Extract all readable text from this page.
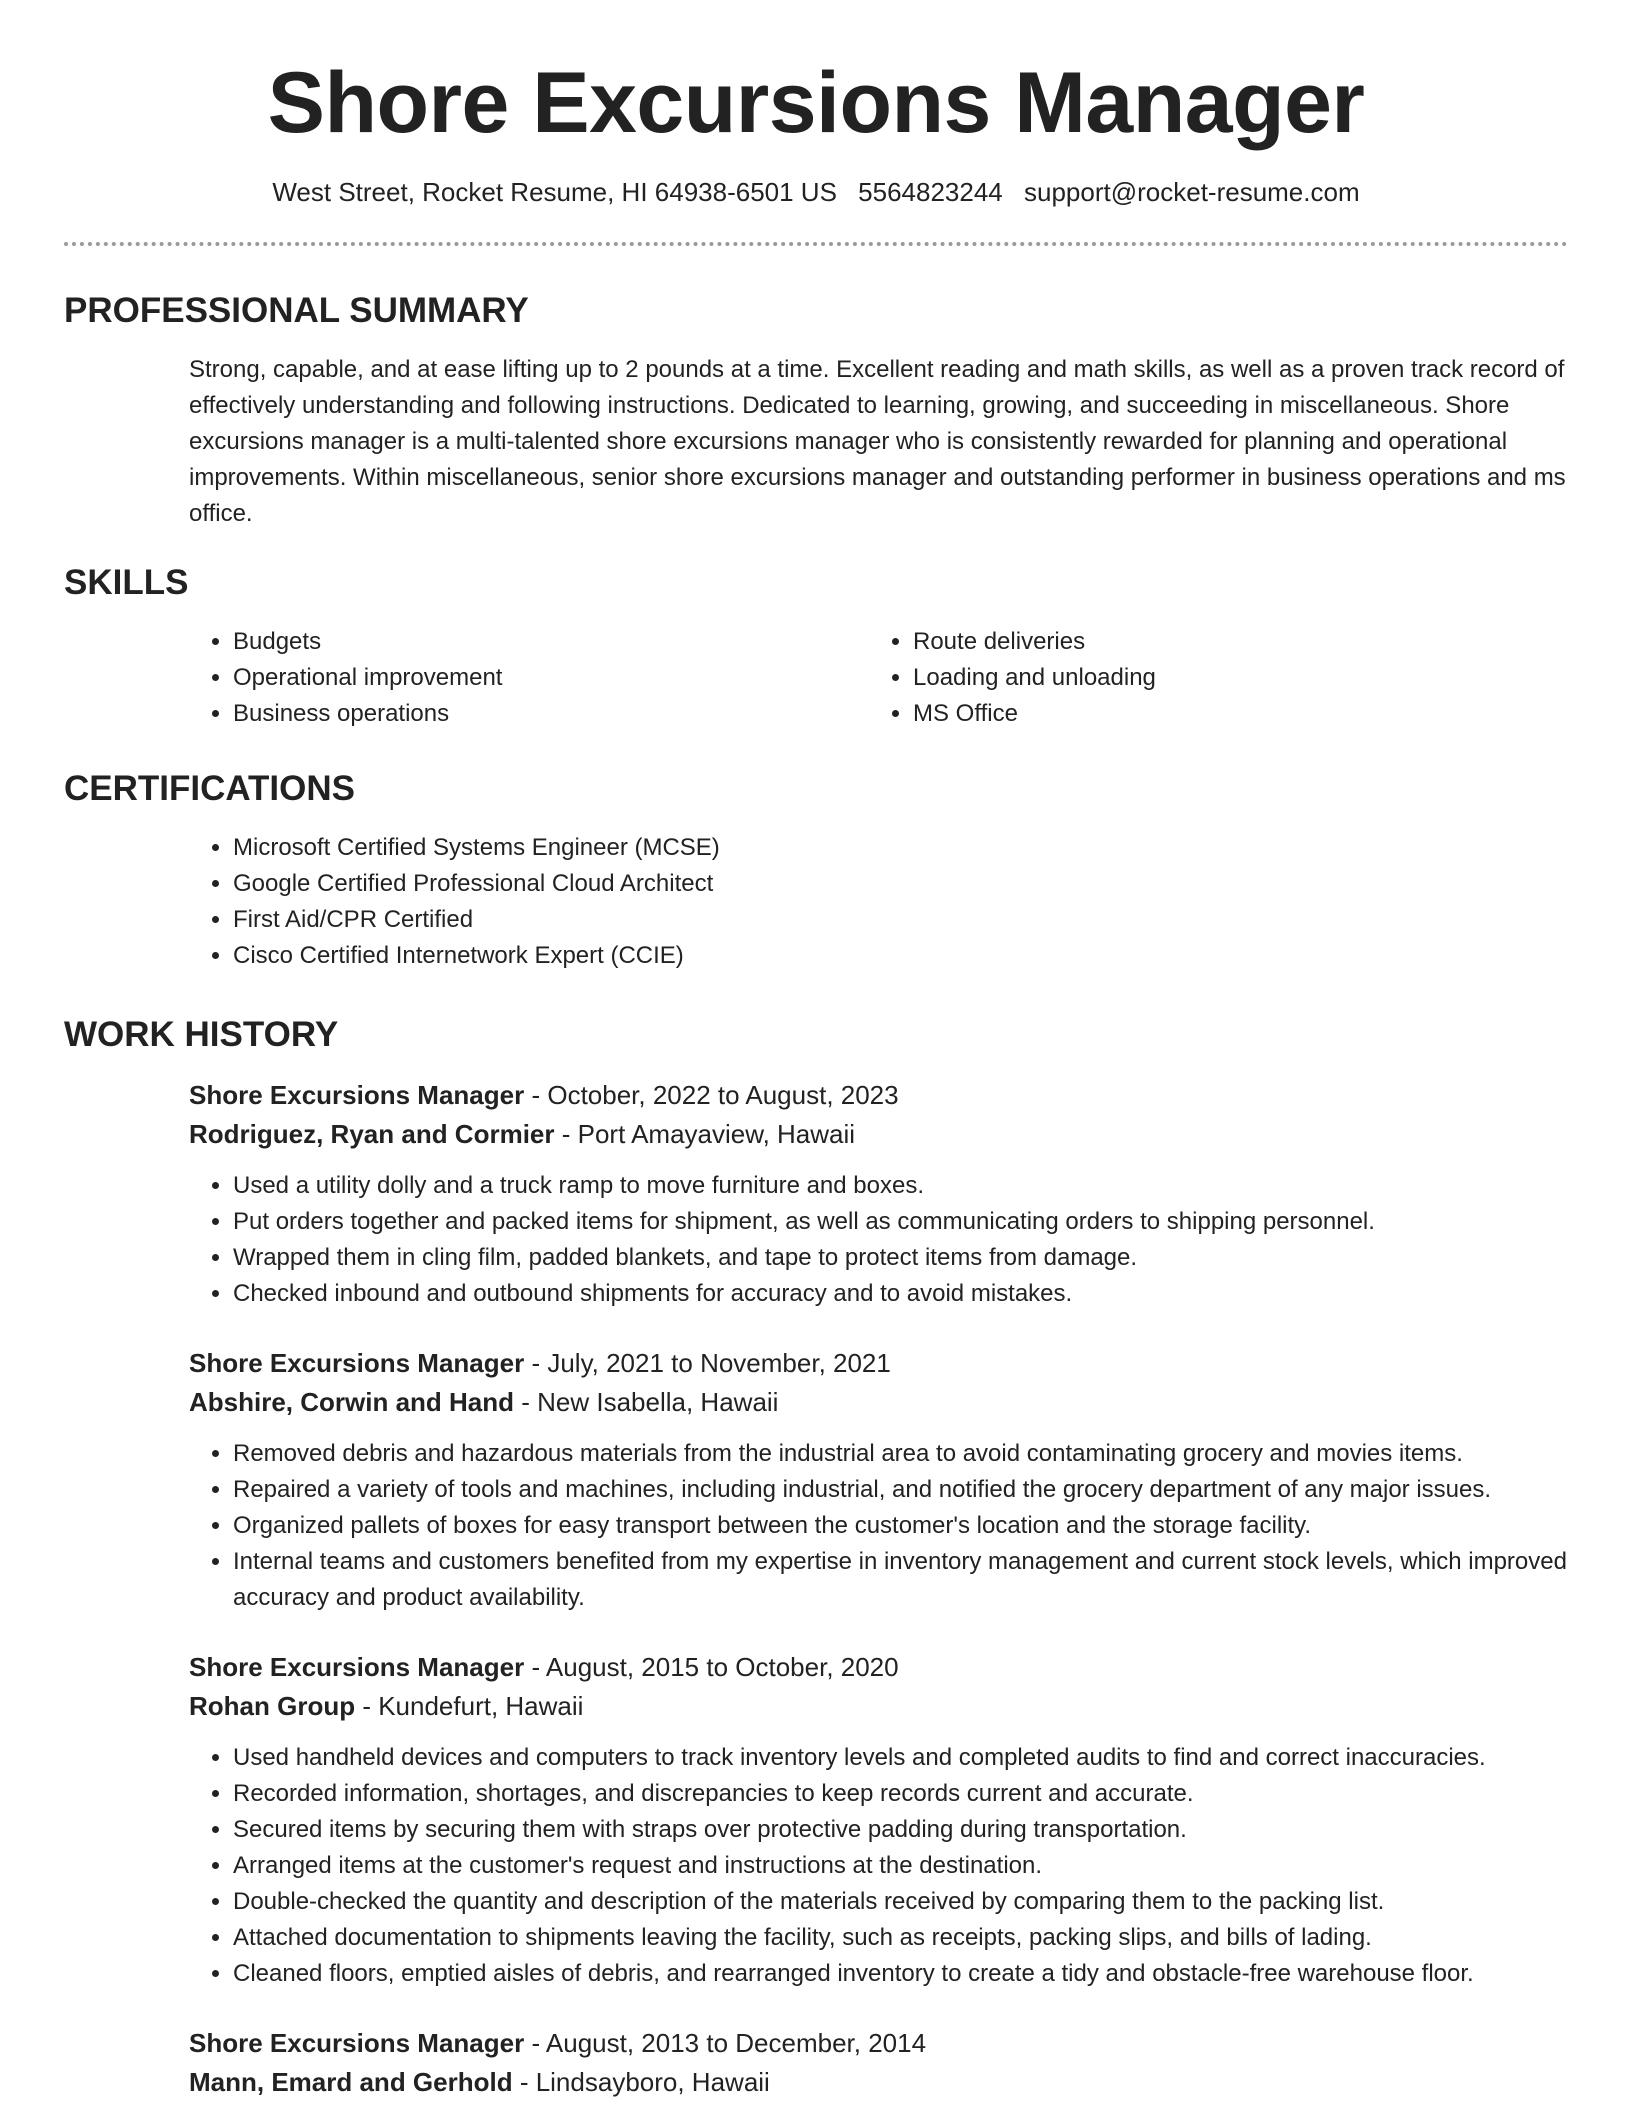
Shore Excursions Manager
West Street, Rocket Resume, HI 64938-6501 US 5564823244 support@rocket-resume.com
PROFESSIONAL SUMMARY

Strong, capable, and at ease lifting up to 2 pounds at a time. Excellent reading and math skills, as well as a proven track record of effectively understanding and following instructions. Dedicated to learning, growing, and succeeding in miscellaneous. Shore excursions manager is a multi-talented shore excursions manager who is consistently rewarded for planning and operational improvements. Within miscellaneous, senior shore excursions manager and outstanding performer in business operations and ms office.

SKILLS
• Budgets
• Operational improvement
• Business operations
• Route deliveries
• Loading and unloading
• MS Office
CERTIFICATIONS
• Microsoft Certified Systems Engineer (MCSE)
• Google Certified Professional Cloud Architect
• First Aid/CPR Certified
• Cisco Certified Internetwork Expert (CCIE)
WORK HISTORY
Shore Excursions Manager - October, 2022 to August, 2023
Rodriguez, Ryan and Cormier - Port Amayaview, Hawaii
• Used a utility dolly and a truck ramp to move furniture and boxes.
• Put orders together and packed items for shipment, as well as communicating orders to shipping personnel.
• Wrapped them in cling film, padded blankets, and tape to protect items from damage.
• Checked inbound and outbound shipments for accuracy and to avoid mistakes.
Shore Excursions Manager - July, 2021 to November, 2021
Abshire, Corwin and Hand - New Isabella, Hawaii
• Removed debris and hazardous materials from the industrial area to avoid contaminating grocery and movies items.
• Repaired a variety of tools and machines, including industrial, and notified the grocery department of any major issues.
• Organized pallets of boxes for easy transport between the customer's location and the storage facility.
• Internal teams and customers benefited from my expertise in inventory management and current stock levels, which improved accuracy and product availability.
Shore Excursions Manager - August, 2015 to October, 2020
Rohan Group - Kundefurt, Hawaii
• Used handheld devices and computers to track inventory levels and completed audits to find and correct inaccuracies.
• Recorded information, shortages, and discrepancies to keep records current and accurate.
• Secured items by securing them with straps over protective padding during transportation.
• Arranged items at the customer's request and instructions at the destination.
• Double-checked the quantity and description of the materials received by comparing them to the packing list.
• Attached documentation to shipments leaving the facility, such as receipts, packing slips, and bills of lading.
• Cleaned floors, emptied aisles of debris, and rearranged inventory to create a tidy and obstacle-free warehouse floor.
Shore Excursions Manager - August, 2013 to December, 2014
Mann, Emard and Gerhold - Lindsayboro, Hawaii
